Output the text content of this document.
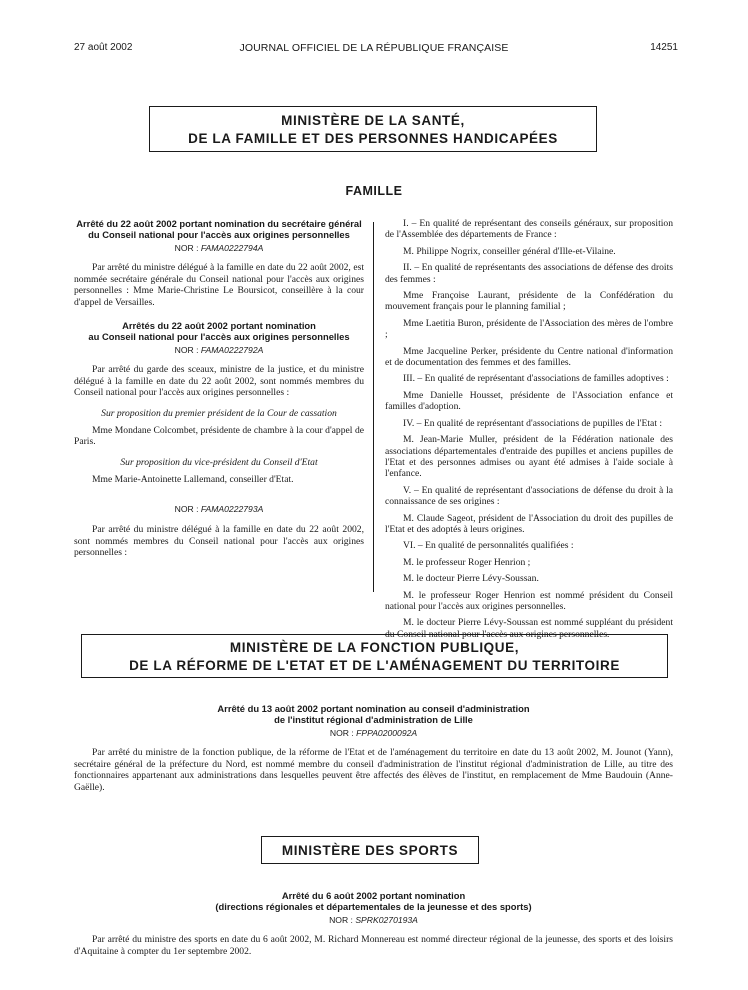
27 août 2002	JOURNAL OFFICIEL DE LA RÉPUBLIQUE FRANÇAISE	14251
MINISTÈRE DE LA SANTÉ,
DE LA FAMILLE ET DES PERSONNES HANDICAPÉES
FAMILLE

Arrêté du 22 août 2002 portant nomination du secrétaire général du Conseil national pour l'accès aux origines personnelles

NOR : FAMA0222794A

Par arrêté du ministre délégué à la famille en date du 22 août 2002, est nommée secrétaire générale du Conseil national pour l'accès aux origines personnelles : Mme Marie-Christine Le Boursicot, conseillère à la cour d'appel de Versailles.

Arrêtés du 22 août 2002 portant nomination

au Conseil national pour l'accès aux origines personnelles

NOR : FAMA0222792A

Par arrêté du garde des sceaux, ministre de la justice, et du ministre délégué à la famille en date du 22 août 2002, sont nommés membres du Conseil national pour l'accès aux origines personnelles :

Sur proposition du premier président de la Cour de cassation

Mme Mondane Colcombet, présidente de chambre à la cour d'appel de Paris.

Sur proposition du vice-président du Conseil d'Etat

Mme Marie-Antoinette Lallemand, conseiller d'Etat.

NOR : FAMA0222793A

Par arrêté du ministre délégué à la famille en date du 22 août 2002, sont nommés membres du Conseil national pour l'accès aux origines personnelles :

I. – En qualité de représentant des conseils généraux, sur proposition de l'Assemblée des départements de France :

M. Philippe Nogrix, conseiller général d'Ille-et-Vilaine.

II. – En qualité de représentants des associations de défense des droits des femmes :

Mme Françoise Laurant, présidente de la Confédération du mouvement français pour le planning familial ;

Mme Laetitia Buron, présidente de l'Association des mères de l'ombre ;

Mme Jacqueline Perker, présidente du Centre national d'information et de documentation des femmes et des familles.

III. – En qualité de représentant d'associations de familles adoptives :

Mme Danielle Housset, présidente de l'Association enfance et familles d'adoption.

IV. – En qualité de représentant d'associations de pupilles de l'Etat :

M. Jean-Marie Muller, président de la Fédération nationale des associations départementales d'entraide des pupilles et anciens pupilles de l'Etat et des personnes admises ou ayant été admises à l'aide sociale à l'enfance.

V. – En qualité de représentant d'associations de défense du droit à la connaissance de ses origines :

M. Claude Sageot, président de l'Association du droit des pupilles de l'Etat et des adoptés à leurs origines.

VI. – En qualité de personnalités qualifiées :

M. le professeur Roger Henrion ;

M. le docteur Pierre Lévy-Soussan.

M. le professeur Roger Henrion est nommé président du Conseil national pour l'accès aux origines personnelles.

M. le docteur Pierre Lévy-Soussan est nommé suppléant du président du Conseil national pour l'accès aux origines personnelles.

MINISTÈRE DE LA FONCTION PUBLIQUE,
DE LA RÉFORME DE L'ETAT ET DE L'AMÉNAGEMENT DU TERRITOIRE

Arrêté du 13 août 2002 portant nomination au conseil d'administration

de l'institut régional d'administration de Lille

NOR : FPPA0200092A

Par arrêté du ministre de la fonction publique, de la réforme de l'Etat et de l'aménagement du territoire en date du 13 août 2002, M. Jounot (Yann), secrétaire général de la préfecture du Nord, est nommé membre du conseil d'administration de l'institut régional d'administration de Lille, au titre des fonctionnaires appartenant aux administrations dans lesquelles peuvent être affectés des élèves de l'institut, en remplacement de Mme Baudouin (Anne-Gaëlle).

MINISTÈRE DES SPORTS

Arrêté du 6 août 2002 portant nomination

(directions régionales et départementales de la jeunesse et des sports)

NOR : SPRK0270193A

Par arrêté du ministre des sports en date du 6 août 2002, M. Richard Monnereau est nommé directeur régional de la jeunesse, des sports et des loisirs d'Aquitaine à compter du 1er septembre 2002.
